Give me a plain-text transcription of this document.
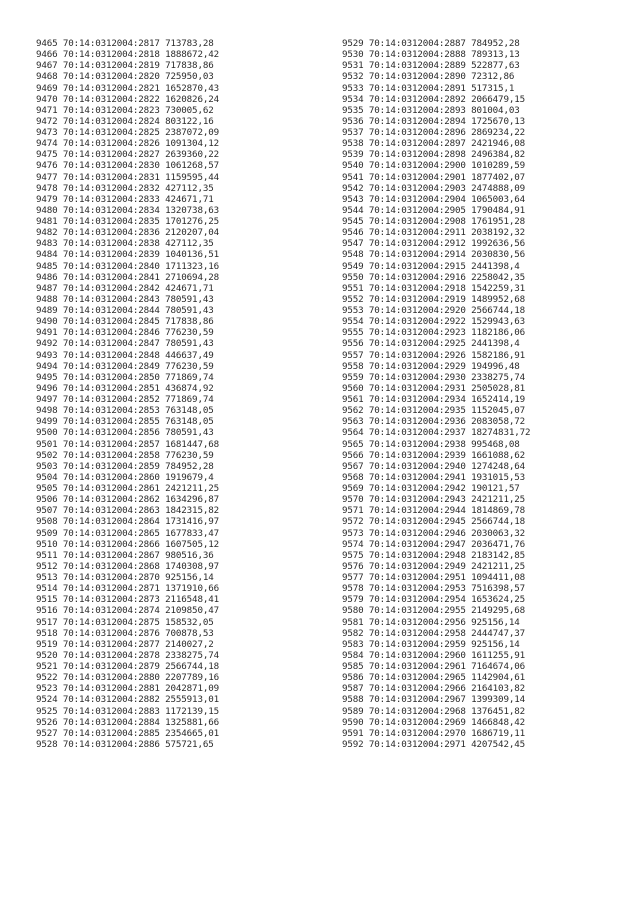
9465 70:14:0312004:2817 713783,28
9466 70:14:0312004:2818 1888672,42
9467 70:14:0312004:2819 717838,86
9468 70:14:0312004:2820 725950,03
9469 70:14:0312004:2821 1652870,43
9470 70:14:0312004:2822 1620826,24
9471 70:14:0312004:2823 730005,62
9472 70:14:0312004:2824 803122,16
9473 70:14:0312004:2825 2387072,09
9474 70:14:0312004:2826 1091304,12
9475 70:14:0312004:2827 2639360,22
9476 70:14:0312004:2830 1061268,57
9477 70:14:0312004:2831 1159595,44
9478 70:14:0312004:2832 427112,35
9479 70:14:0312004:2833 424671,71
9480 70:14:0312004:2834 1320738,63
9481 70:14:0312004:2835 1701276,25
9482 70:14:0312004:2836 2120207,04
9483 70:14:0312004:2838 427112,35
9484 70:14:0312004:2839 1040136,51
9485 70:14:0312004:2840 1711323,16
9486 70:14:0312004:2841 2710694,28
9487 70:14:0312004:2842 424671,71
9488 70:14:0312004:2843 780591,43
9489 70:14:0312004:2844 780591,43
9490 70:14:0312004:2845 717838,86
9491 70:14:0312004:2846 776230,59
9492 70:14:0312004:2847 780591,43
9493 70:14:0312004:2848 446637,49
9494 70:14:0312004:2849 776230,59
9495 70:14:0312004:2850 771869,74
9496 70:14:0312004:2851 436874,92
9497 70:14:0312004:2852 771869,74
9498 70:14:0312004:2853 763148,05
9499 70:14:0312004:2855 763148,05
9500 70:14:0312004:2856 780591,43
9501 70:14:0312004:2857 1681447,68
9502 70:14:0312004:2858 776230,59
9503 70:14:0312004:2859 784952,28
9504 70:14:0312004:2860 1919679,4
9505 70:14:0312004:2861 2421211,25
9506 70:14:0312004:2862 1634296,87
9507 70:14:0312004:2863 1842315,82
9508 70:14:0312004:2864 1731416,97
9509 70:14:0312004:2865 1677833,47
9510 70:14:0312004:2866 1607505,12
9511 70:14:0312004:2867 980516,36
9512 70:14:0312004:2868 1740308,97
9513 70:14:0312004:2870 925156,14
9514 70:14:0312004:2871 1371910,66
9515 70:14:0312004:2873 2116548,41
9516 70:14:0312004:2874 2109850,47
9517 70:14:0312004:2875 158532,05
9518 70:14:0312004:2876 700878,53
9519 70:14:0312004:2877 2140027,2
9520 70:14:0312004:2878 2338275,74
9521 70:14:0312004:2879 2566744,18
9522 70:14:0312004:2880 2207789,16
9523 70:14:0312004:2881 2042871,09
9524 70:14:0312004:2882 2555913,01
9525 70:14:0312004:2883 1172139,15
9526 70:14:0312004:2884 1325881,66
9527 70:14:0312004:2885 2354665,01
9528 70:14:0312004:2886 575721,65
9529 70:14:0312004:2887 784952,28
9530 70:14:0312004:2888 789313,13
9531 70:14:0312004:2889 522877,63
9532 70:14:0312004:2890 72312,86
9533 70:14:0312004:2891 517315,1
9534 70:14:0312004:2892 2066479,15
9535 70:14:0312004:2893 801004,03
9536 70:14:0312004:2894 1725670,13
9537 70:14:0312004:2896 2869234,22
9538 70:14:0312004:2897 2421946,08
9539 70:14:0312004:2898 2496384,82
9540 70:14:0312004:2900 1010289,59
9541 70:14:0312004:2901 1877402,07
9542 70:14:0312004:2903 2474888,09
9543 70:14:0312004:2904 1065003,64
9544 70:14:0312004:2905 1790484,91
9545 70:14:0312004:2908 1761951,28
9546 70:14:0312004:2911 2038192,32
9547 70:14:0312004:2912 1992636,56
9548 70:14:0312004:2914 2030830,56
9549 70:14:0312004:2915 2441398,4
9550 70:14:0312004:2916 2258042,35
9551 70:14:0312004:2918 1542259,31
9552 70:14:0312004:2919 1489952,68
9553 70:14:0312004:2920 2566744,18
9554 70:14:0312004:2922 1529943,63
9555 70:14:0312004:2923 1182186,06
9556 70:14:0312004:2925 2441398,4
9557 70:14:0312004:2926 1582186,91
9558 70:14:0312004:2929 194996,48
9559 70:14:0312004:2930 2338275,74
9560 70:14:0312004:2931 2505028,81
9561 70:14:0312004:2934 1652414,19
9562 70:14:0312004:2935 1152045,07
9563 70:14:0312004:2936 2083058,72
9564 70:14:0312004:2937 18274831,72
9565 70:14:0312004:2938 995468,08
9566 70:14:0312004:2939 1661088,62
9567 70:14:0312004:2940 1274248,64
9568 70:14:0312004:2941 1931015,53
9569 70:14:0312004:2942 190121,57
9570 70:14:0312004:2943 2421211,25
9571 70:14:0312004:2944 1814869,78
9572 70:14:0312004:2945 2566744,18
9573 70:14:0312004:2946 2030063,32
9574 70:14:0312004:2947 2036471,76
9575 70:14:0312004:2948 2183142,85
9576 70:14:0312004:2949 2421211,25
9577 70:14:0312004:2951 1094411,08
9578 70:14:0312004:2953 7516398,57
9579 70:14:0312004:2954 1653624,25
9580 70:14:0312004:2955 2149295,68
9581 70:14:0312004:2956 925156,14
9582 70:14:0312004:2958 2444747,37
9583 70:14:0312004:2959 925156,14
9584 70:14:0312004:2960 1611255,91
9585 70:14:0312004:2961 7164674,06
9586 70:14:0312004:2965 1142904,61
9587 70:14:0312004:2966 2164103,82
9588 70:14:0312004:2967 1399309,14
9589 70:14:0312004:2968 1376451,82
9590 70:14:0312004:2969 1466848,42
9591 70:14:0312004:2970 1686719,11
9592 70:14:0312004:2971 4207542,45
